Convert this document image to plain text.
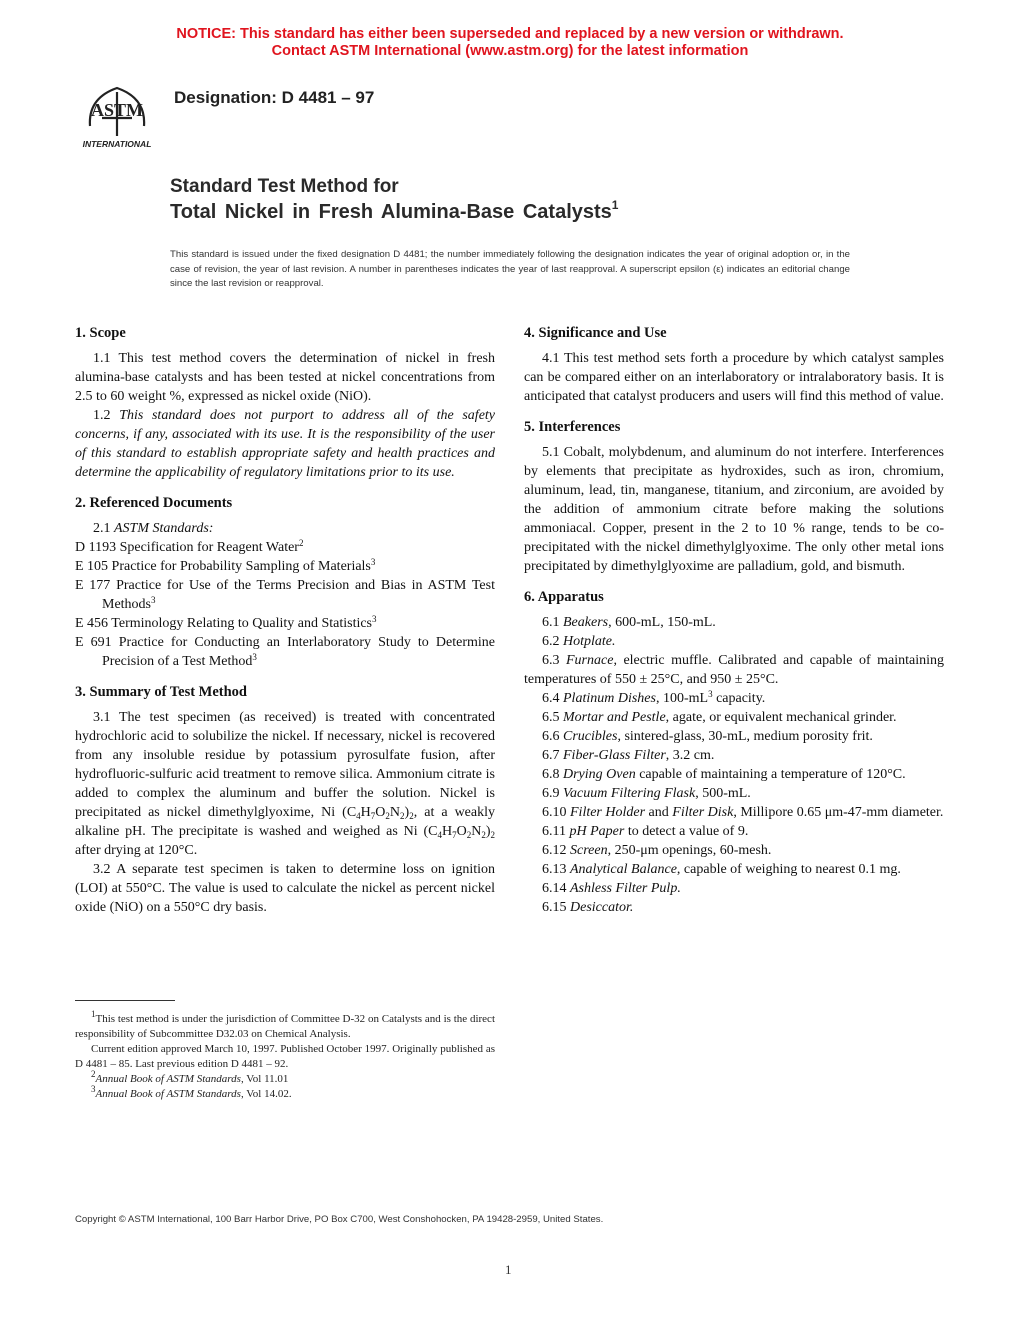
NOTICE: This standard has either been superseded and replaced by a new version or withdrawn.
Contact ASTM International (www.astm.org) for the latest information
ASTM
INTERNATIONAL
Designation: D 4481 – 97
Standard Test Method for
Total Nickel in Fresh Alumina-Base Catalysts$^1$
This standard is issued under the fixed designation D 4481; the number immediately following the designation indicates the year of original adoption or, in the case of revision, the year of last revision. A number in parentheses indicates the year of last reapproval. A superscript epsilon (ε) indicates an editorial change since the last revision or reapproval.
1. Scope

1.1 This test method covers the determination of nickel in fresh alumina-base catalysts and has been tested at nickel concentrations from 2.5 to 60 weight %, expressed as nickel oxide (NiO).

1.2 This standard does not purport to address all of the safety concerns, if any, associated with its use. It is the responsibility of the user of this standard to establish appropriate safety and health practices and determine the applicability of regulatory limitations prior to its use.

2. Referenced Documents
2.1 ASTM Standards:
D 1193 Specification for Reagent Water$^2$
E 105 Practice for Probability Sampling of Materials$^3$
E 177 Practice for Use of the Terms Precision and Bias in ASTM Test Methods$^3$
E 456 Terminology Relating to Quality and Statistics$^3$
E 691 Practice for Conducting an Interlaboratory Study to Determine Precision of a Test Method$^3$
3. Summary of Test Method

3.1 The test specimen (as received) is treated with concentrated hydrochloric acid to solubilize the nickel. If necessary, nickel is recovered from any insoluble residue by potassium pyrosulfate fusion, after hydrofluoric-sulfuric acid treatment to remove silica. Ammonium citrate is added to complex the aluminum and buffer the solution. Nickel is precipitated as nickel dimethylglyoxime, Ni $(C_4H_7O_2N_2)_2$, at a weakly alkaline pH. The precipitate is washed and weighed as Ni $(C_4H_7O_2N_2)_2$ after drying at 120°C.

3.2 A separate test specimen is taken to determine loss on ignition (LOI) at 550°C. The value is used to calculate the nickel as percent nickel oxide (NiO) on a 550°C dry basis.

4. Significance and Use

4.1 This test method sets forth a procedure by which catalyst samples can be compared either on an interlaboratory or intralaboratory basis. It is anticipated that catalyst producers and users will find this method of value.

5. Interferences

5.1 Cobalt, molybdenum, and aluminum do not interfere. Interferences by elements that precipitate as hydroxides, such as iron, chromium, aluminum, lead, tin, manganese, titanium, and zirconium, are avoided by the addition of ammonium citrate before making the solutions ammoniacal. Copper, present in the 2 to 10 % range, tends to be co-precipitated with the nickel dimethylglyoxime. The only other metal ions precipitated by dimethylglyoxime are palladium, gold, and bismuth.

6. Apparatus

6.1 Beakers, 600-mL, 150-mL.

6.2 Hotplate.

6.3 Furnace, electric muffle. Calibrated and capable of maintaining temperatures of 550 ± 25°C, and 950 ± 25°C.

6.4 Platinum Dishes, $100-mL^3$ capacity.

6.5 Mortar and Pestle, agate, or equivalent mechanical grinder.

6.6 Crucibles, sintered-glass, 30-mL, medium porosity frit.

6.7 Fiber-Glass Filter, 3.2 cm.

6.8 Drying Oven capable of maintaining a temperature of 120°C.

6.9 Vacuum Filtering Flask, 500-mL.

6.10 Filter Holder and Filter Disk, Millipore 0.65 μm-47-mm diameter.

6.11 pH Paper to detect a value of 9.

6.12 Screen, 250-μm openings, 60-mesh.

6.13 Analytical Balance, capable of weighing to nearest 0.1 mg.

6.14 Ashless Filter Pulp.

6.15 Desiccator.

$^1$This test method is under the jurisdiction of Committee D-32 on Catalysts and is the direct responsibility of Subcommittee D32.03 on Chemical Analysis.
Current edition approved March 10, 1997. Published October 1997. Originally published as D 4481 – 85. Last previous edition D 4481 – 92.
$^2$Annual Book of ASTM Standards, Vol 11.01
$^3$Annual Book of ASTM Standards, Vol 14.02.
Copyright © ASTM International, 100 Barr Harbor Drive, PO Box C700, West Conshohocken, PA 19428-2959, United States.
1
